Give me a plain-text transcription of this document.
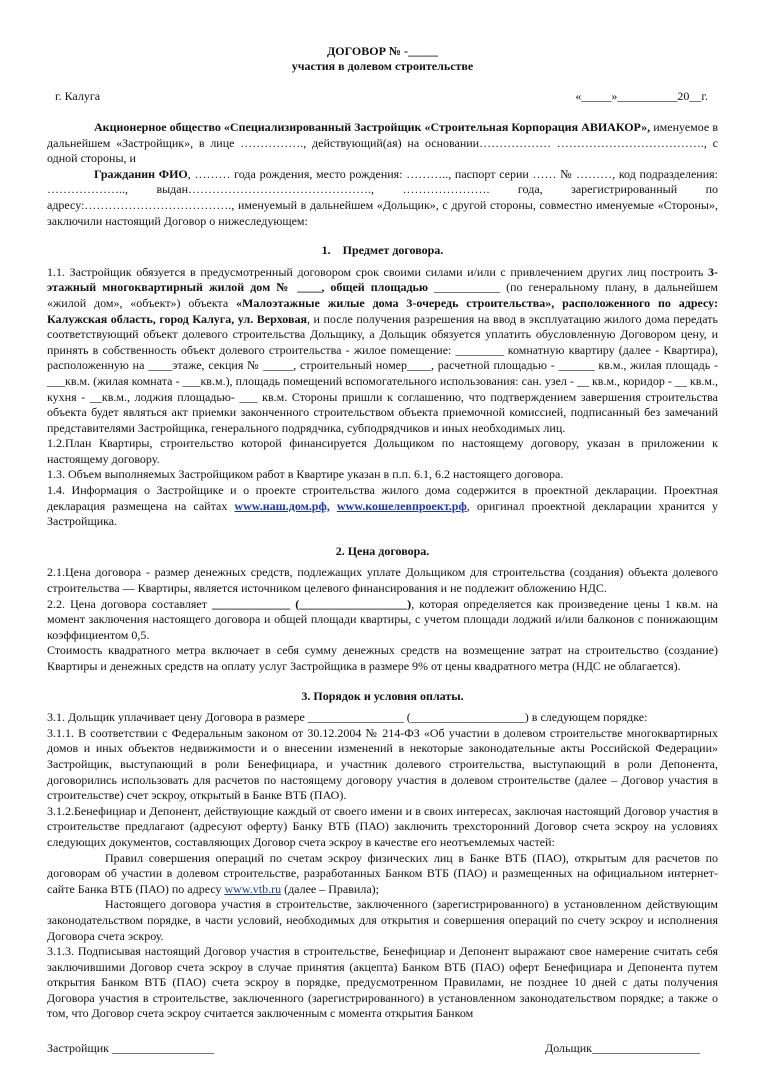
ДОГОВОР № -_____
участия в долевом строительстве
г. Калуга	«_____»__________20__г.

Акционерное общество «Специализированный Застройщик «Строительная Корпорация АВИАКОР», именуемое в дальнейшем «Застройщик», в лице ……………., действующий(ая) на основании……………… ………………………………., с одной стороны, и

Гражданин ФИО, ……… года рождения, место рождения: ……….., паспорт серии …… № ………, код подразделения: ……………….., выдан………………………………………., …………………. года, зарегистрированный по адресу:………………………………., именуемый в дальнейшем «Дольщик», с другой стороны, совместно именуемые «Стороны», заключили настоящий Договор о нижеследующем:

1.    Предмет договора.

1.1. Застройщик обязуется в предусмотренный договором срок своими силами и/или с привлечением других лиц построить 3-этажный многоквартирный жилой дом № ____, общей площадью ___________ (по генеральному плану, в дальнейшем «жилой дом», «объект») объекта «Малоэтажные жилые дома 3-очередь строительства», расположенного по адресу: Калужская область, город Калуга, ул. Верховая, и после получения разрешения на ввод в эксплуатацию жилого дома передать соответствующий объект долевого строительства Дольщику, а Дольщик обязуется уплатить обусловленную Договором цену, и принять в собственность объект долевого строительства - жилое помещение: ________ комнатную квартиру (далее - Квартира), расположенную на ____этаже, секция № _____, строительный номер____, расчетной площадью - ______ кв.м., жилая площадь - ___кв.м. (жилая комната - ___кв.м.), площадь помещений вспомогательного использования: сан. узел - __ кв.м., коридор - __ кв.м., кухня - __кв.м., лоджия площадью- ___ кв.м. Стороны пришли к соглашению, что подтверждением завершения строительства объекта будет являться акт приемки законченного строительством объекта приемочной комиссией, подписанный без замечаний представителями Застройщика, генерального подрядчика, субподрядчиков и иных необходимых лиц.

1.2.План Квартиры, строительство которой финансируется Дольщиком по настоящему договору, указан в приложении к настоящему договору.

1.3. Объем выполняемых Застройщиком работ в Квартире указан в п.п. 6.1, 6.2 настоящего договора.

1.4. Информация о Застройщике и о проекте строительства жилого дома содержится в проектной декларации. Проектная декларация размещена на сайтах www.наш.дом.рф, www.кошелевпроект.рф, оригинал проектной декларации хранится у Застройщика.

2. Цена договора.

2.1.Цена договора - размер денежных средств, подлежащих уплате Дольщиком для строительства (создания) объекта долевого строительства — Квартиры, является источником целевого финансирования и не подлежит обложению НДС.

2.2. Цена договора составляет _____________ (__________________), которая определяется как произведение цены 1 кв.м. на момент заключения настоящего договора и общей площади квартиры, с учетом площади лоджий и/или балконов с понижающим коэффициентом 0,5.

Стоимость квадратного метра включает в себя сумму денежных средств на возмещение затрат на строительство (создание) Квартиры и денежных средств на оплату услуг Застройщика в размере 9% от цены квадратного метра (НДС не облагается).

3. Порядок и условия оплаты.

3.1. Дольщик уплачивает цену Договора в размере ________________ (___________________) в следующем порядке:

3.1.1. В соответствии с Федеральным законом от 30.12.2004 № 214-ФЗ «Об участии в долевом строительстве многоквартирных домов и иных объектов недвижимости и о внесении изменений в некоторые законодательные акты Российской Федерации» Застройщик, выступающий в роли Бенефициара, и участник долевого строительства, выступающий в роли Депонента, договорились использовать для расчетов по настоящему договору участия в долевом строительстве (далее – Договор участия в строительстве) счет эскроу, открытый в Банке ВТБ (ПАО).

3.1.2.Бенефициар и Депонент, действующие каждый от своего имени и в своих интересах, заключая настоящий Договор участия в строительстве предлагают (адресуют оферту) Банку ВТБ (ПАО) заключить трехсторонний Договор счета эскроу на условиях следующих документов, составляющих Договор счета эскроу в качестве его неотъемлемых частей:

Правил совершения операций по счетам эскроу физических лиц в Банке ВТБ (ПАО), открытым для расчетов по договорам об участии в долевом строительстве, разработанных Банком ВТБ (ПАО) и размещенных на официальном интернет-сайте Банка ВТБ (ПАО) по адресу www.vtb.ru (далее – Правила);

Настоящего договора участия в строительстве, заключенного (зарегистрированного) в установленном действующим законодательством порядке, в части условий, необходимых для открытия и совершения операций по счету эскроу и исполнения Договора счета эскроу.

3.1.3. Подписывая настоящий Договор участия в строительстве, Бенефициар и Депонент выражают свое намерение считать себя заключившими Договор счета эскроу в случае принятия (акцепта) Банком ВТБ (ПАО) оферт Бенефициара и Депонента путем открытия Банком ВТБ (ПАО) счета эскроу в порядке, предусмотренном Правилами, не позднее 10 дней с даты получения Договора участия в строительстве, заключенного (зарегистрированного) в установленном законодательством порядке; а также о том, что Договор счета эскроу считается заключенным с момента открытия Банком

Застройщик _________________	Дольщик__________________
